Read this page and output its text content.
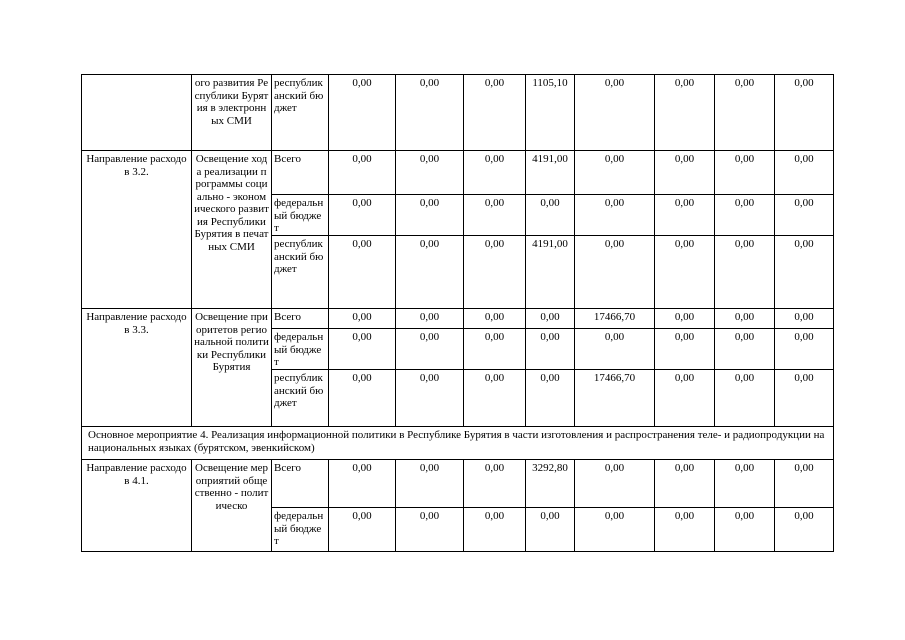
	ого развития Республики Бурятия в электронных СМИ	республиканский бюджет	0,00	0,00	0,00	1105,10	0,00	0,00	0,00	0,00
Направление расходов 3.2.	Освещение хода реализации программы социально - экономического развития Республики Бурятия в печатных СМИ	Всего	0,00	0,00	0,00	4191,00	0,00	0,00	0,00	0,00
		федеральный бюджет	0,00	0,00	0,00	0,00	0,00	0,00	0,00	0,00
		республиканский бюджет	0,00	0,00	0,00	4191,00	0,00	0,00	0,00	0,00
Направление расходов 3.3.	Освещение приоритетов региональной политики Республики Бурятия	Всего	0,00	0,00	0,00	0,00	17466,70	0,00	0,00	0,00
		федеральный бюджет	0,00	0,00	0,00	0,00	0,00	0,00	0,00	0,00
		республиканский бюджет	0,00	0,00	0,00	0,00	17466,70	0,00	0,00	0,00
Основное мероприятие 4. Реализация информационной политики в Республике Бурятия в части изготовления и распространения теле- и радиопродукции на национальных языках (бурятском, эвенкийском)										
Направление расходов 4.1.	Освещение мероприятий общественно - политическо	Всего	0,00	0,00	0,00	3292,80	0,00	0,00	0,00	0,00
		федеральный бюджет	0,00	0,00	0,00	0,00	0,00	0,00	0,00	0,00
